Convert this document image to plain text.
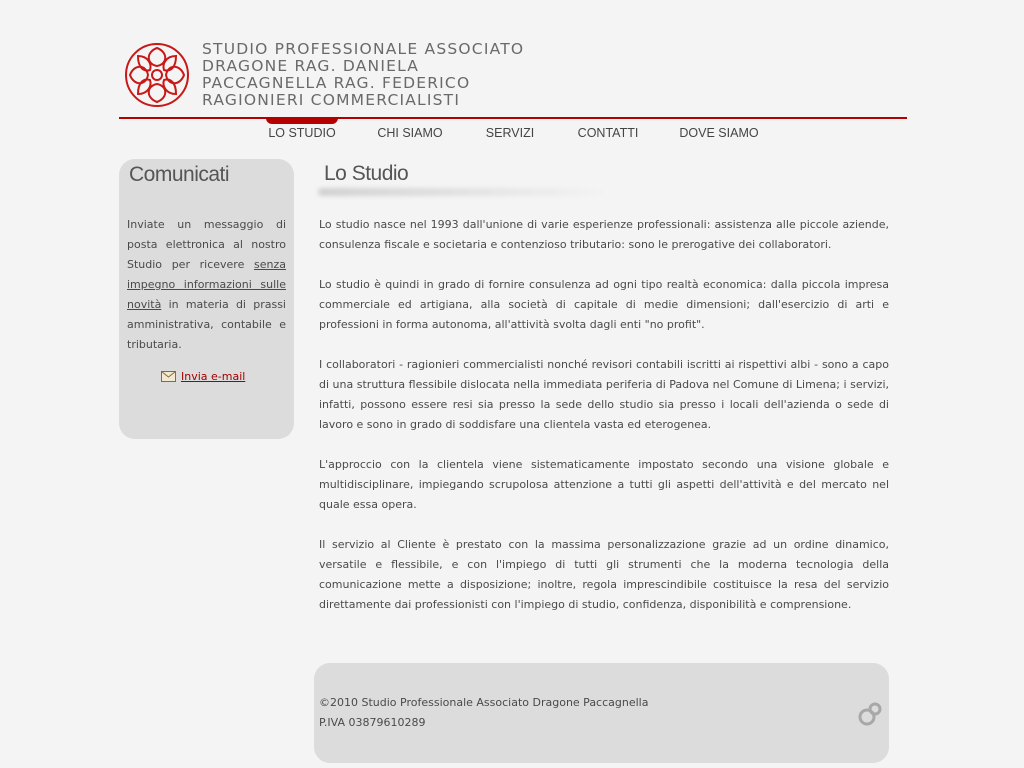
STUDIO PROFESSIONALE ASSOCIATO
DRAGONE RAG. DANIELA
PACCAGNELLA RAG. FEDERICO
RAGIONIERI COMMERCIALISTI
LO STUDIO	CHI SIAMO	SERVIZI	CONTATTI	DOVE SIAMO
Comunicati
Inviate un messaggio di posta elettronica al nostro Studio per ricevere senza impegno informazioni sulle novità in materia di prassi amministrativa, contabile e tributaria.
Invia e-mail
Lo Studio

Lo studio nasce nel 1993 dall'unione di varie esperienze professionali: assistenza alle piccole aziende, consulenza fiscale e societaria e contenzioso tributario: sono le prerogative dei collaboratori.

Lo studio è quindi in grado di fornire consulenza ad ogni tipo realtà economica: dalla piccola impresa commerciale ed artigiana, alla società di capitale di medie dimensioni; dall'esercizio di arti e professioni in forma autonoma, all'attività svolta dagli enti "no profit".

I collaboratori - ragionieri commercialisti nonché revisori contabili iscritti ai rispettivi albi - sono a capo di una struttura flessibile dislocata nella immediata periferia di Padova nel Comune di Limena; i servizi, infatti, possono essere resi sia presso la sede dello studio sia presso i locali dell'azienda o sede di lavoro e sono in grado di soddisfare una clientela vasta ed eterogenea.

L'approccio con la clientela viene sistematicamente impostato secondo una visione globale e multidisciplinare, impiegando scrupolosa attenzione a tutti gli aspetti dell'attività e del mercato nel quale essa opera.

Il servizio al Cliente è prestato con la massima personalizzazione grazie ad un ordine dinamico, versatile e flessibile, e con l'impiego di tutti gli strumenti che la moderna tecnologia della comunicazione mette a disposizione; inoltre, regola imprescindibile costituisce la resa del servizio direttamente dai professionisti con l'impiego di studio, confidenza, disponibilità e comprensione.

©2010 Studio Professionale Associato Dragone Paccagnella
P.IVA 03879610289
